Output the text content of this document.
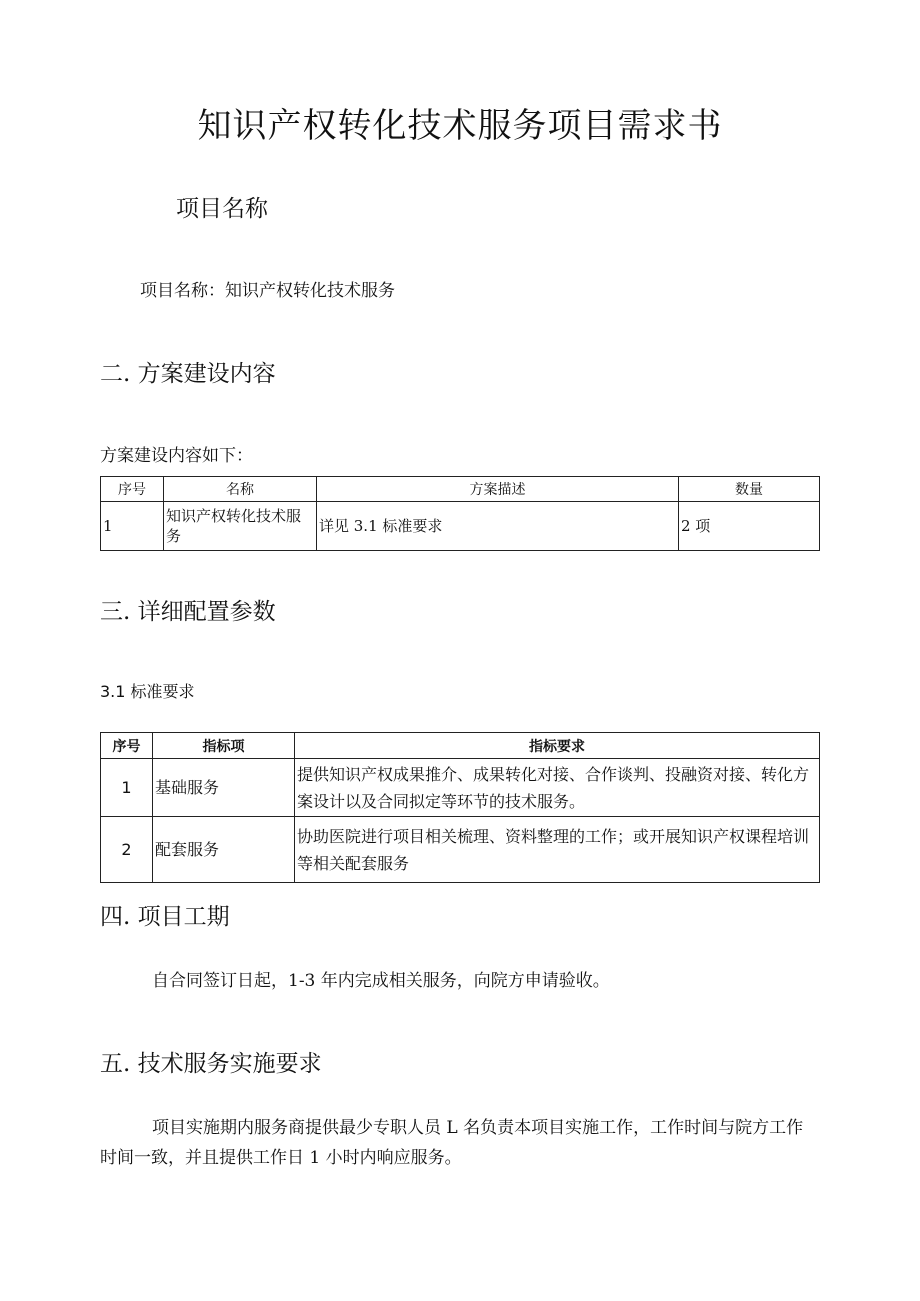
知识产权转化技术服务项目需求书
项目名称
项目名称：知识产权转化技术服务
二. 方案建设内容
方案建设内容如下：
序号	名称	方案描述	数量
1	知识产权转化技术服务	详见 3.1 标准要求	2 项
三. 详细配置参数
3.1 标准要求
序号	指标项	指标要求
1	基础服务	提供知识产权成果推介、成果转化对接、合作谈判、投融资对接、转化方案设计以及合同拟定等环节的技术服务。
2	配套服务	协助医院进行项目相关梳理、资料整理的工作；或开展知识产权课程培训等相关配套服务
四. 项目工期
自合同签订日起，1-3 年内完成相关服务，向院方申请验收。
五. 技术服务实施要求
项目实施期内服务商提供最少专职人员 L 名负责本项目实施工作，工作时间与院方工作时间一致，并且提供工作日 1 小时内响应服务。
